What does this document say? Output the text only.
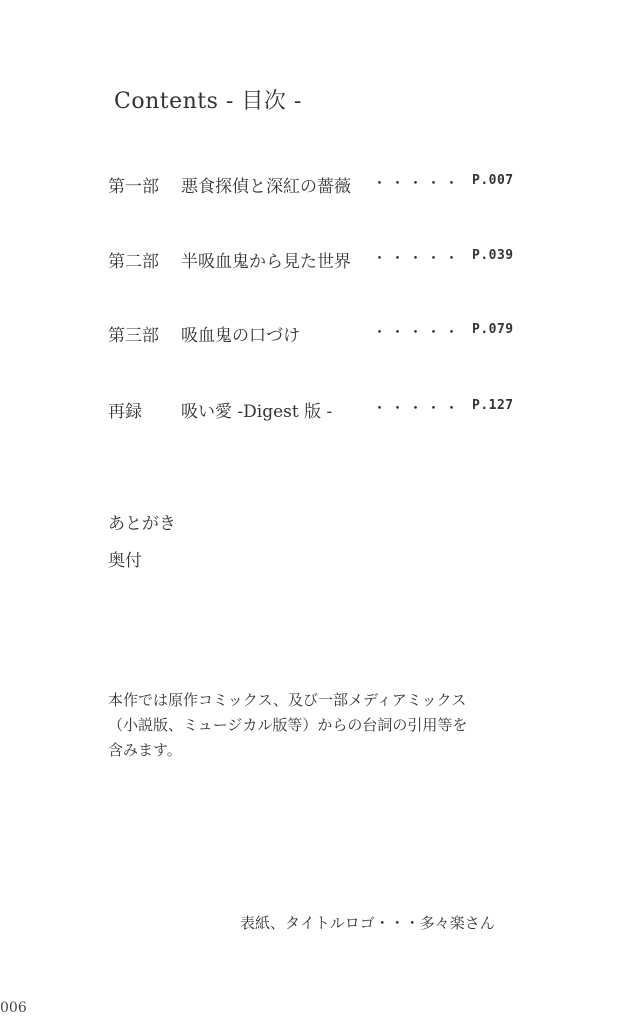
Contents - 目次 -
第一部 悪食探偵と深紅の薔薇 ・・・・・ P.007
第二部 半吸血鬼から見た世界 ・・・・・ P.039
第三部 吸血鬼の口づけ	・・・・・ P.079
再録 吸い愛 -Digest 版 -	・・・・・ P.127
あとがき
奥付
本作では原作コミックス、及び一部メディアミックス
（小説版、ミュージカル版等）からの台詞の引用等を
含みます。
表紙、タイトルロゴ・・・多々楽さん
006
